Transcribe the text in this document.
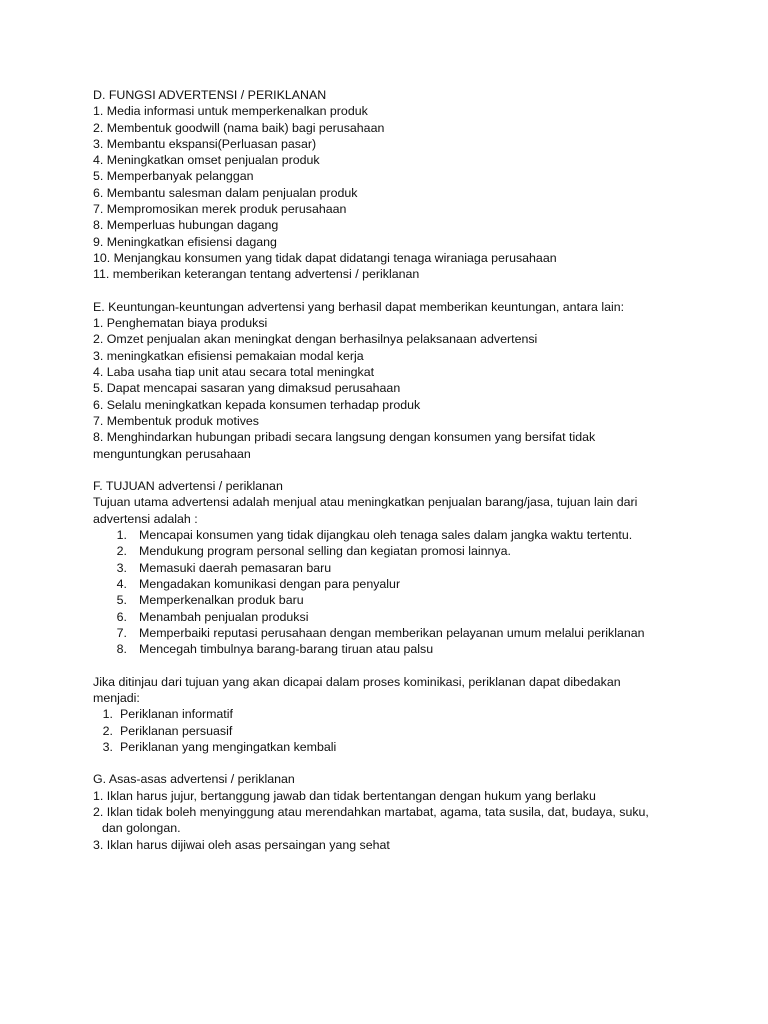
D. FUNGSI ADVERTENSI / PERIKLANAN
1. Media informasi untuk memperkenalkan produk
2. Membentuk goodwill (nama baik) bagi perusahaan
3. Membantu ekspansi(Perluasan pasar)
4. Meningkatkan omset penjualan produk
5. Memperbanyak pelanggan
6. Membantu salesman dalam penjualan produk
7. Mempromosikan merek produk perusahaan
8. Memperluas hubungan dagang
9. Meningkatkan efisiensi dagang
10. Menjangkau konsumen yang tidak dapat didatangi tenaga wiraniaga perusahaan
11. memberikan keterangan tentang advertensi / periklanan
E. Keuntungan-keuntungan advertensi yang berhasil dapat memberikan keuntungan, antara lain:
1. Penghematan biaya produksi
2. Omzet penjualan akan meningkat dengan berhasilnya pelaksanaan advertensi
3. meningkatkan efisiensi pemakaian modal kerja
4. Laba usaha tiap unit atau secara total meningkat
5. Dapat mencapai sasaran yang dimaksud perusahaan
6. Selalu meningkatkan kepada konsumen terhadap produk
7. Membentuk produk motives
8. Menghindarkan hubungan pribadi secara langsung dengan konsumen yang bersifat tidak
menguntungkan perusahaan
F. TUJUAN advertensi / periklanan
Tujuan utama advertensi adalah menjual atau meningkatkan penjualan barang/jasa, tujuan lain dari
advertensi adalah :
1. Mencapai konsumen yang tidak dijangkau oleh tenaga sales dalam jangka waktu tertentu.
2. Mendukung program personal selling dan kegiatan promosi lainnya.
3. Memasuki daerah pemasaran baru
4. Mengadakan komunikasi dengan para penyalur
5. Memperkenalkan produk baru
6. Menambah penjualan produksi
7. Memperbaiki reputasi perusahaan dengan memberikan pelayanan umum melalui periklanan
8. Mencegah timbulnya barang-barang tiruan atau palsu
Jika ditinjau dari tujuan yang akan dicapai dalam proses kominikasi, periklanan dapat dibedakan
menjadi:
1. Periklanan informatif
2. Periklanan persuasif
3. Periklanan yang mengingatkan kembali
G. Asas-asas advertensi / periklanan
1. Iklan harus jujur, bertanggung jawab dan tidak bertentangan dengan hukum yang berlaku
2. Iklan tidak boleh menyinggung atau merendahkan martabat, agama, tata susila, dat, budaya, suku,
dan golongan.
3. Iklan harus dijiwai oleh asas persaingan yang sehat
